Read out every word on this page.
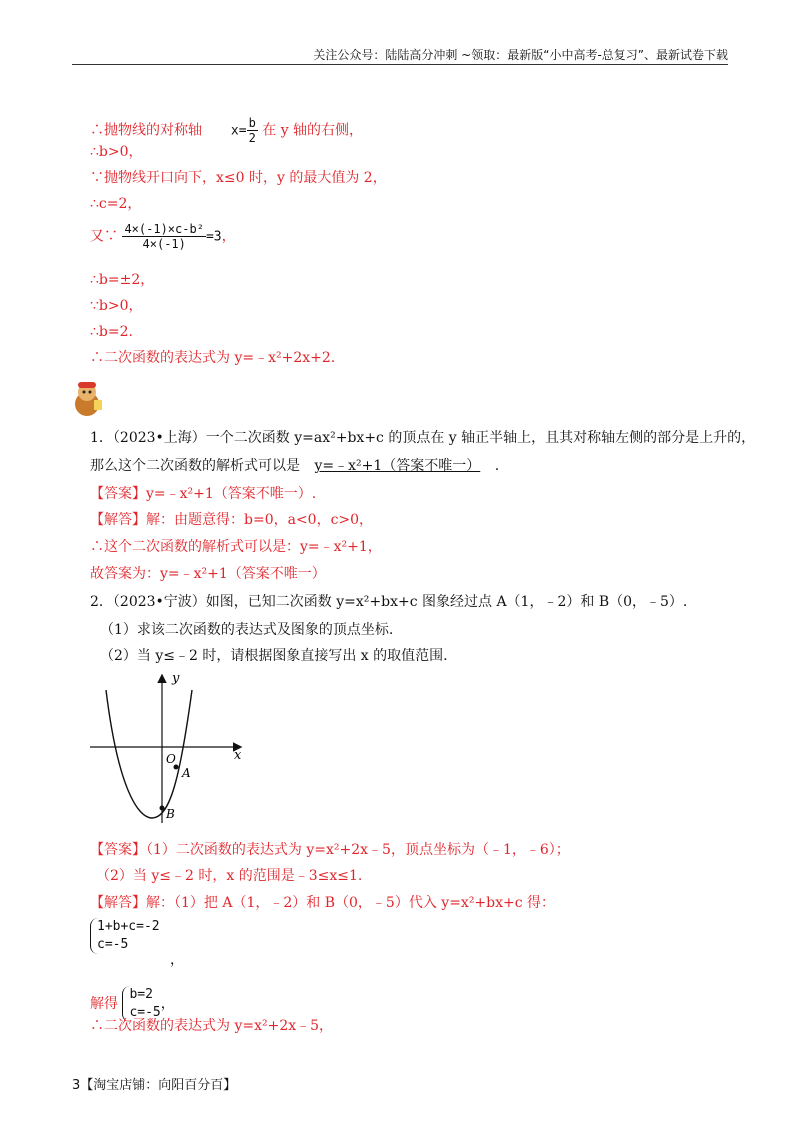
关注公众号：陆陆高分冲刺 ~领取：最新版“小中高考-总复习”、最新试卷下载
∴抛物线的对称轴 $x= \frac{b}{2}$ 在 y 轴的右侧，
∴b>0，
∵抛物线开口向下，x≤0 时，y 的最大值为 2，
∴c=2，
又∵ $\frac{\text{4×(-1)×c-b²}}{4\times(-1)} =3$，
∴b=±2，
∵b>0，
∴b=2.
∴二次函数的表达式为 y=﹣x²+2x+2.
1．（2023•上海）一个二次函数 y=ax²+bx+c 的顶点在 y 轴正半轴上，且其对称轴左侧的部分是上升的，
那么这个二次函数的解析式可以是 y=﹣x²+1（答案不唯一） .
【答案】y=﹣x²+1（答案不唯一）.
【解答】解：由题意得：b=0，a<0，c>0，
∴这个二次函数的解析式可以是：y=﹣x²+1，
故答案为：y=﹣x²+1（答案不唯一）
2．（2023•宁波）如图，已知二次函数 y=x²+bx+c 图象经过点 A（1，﹣2）和 B（0，﹣5）.
（1）求该二次函数的表达式及图象的顶点坐标.
（2）当 y≤﹣2 时，请根据图象直接写出 x 的取值范围.
y
x
O
A
B
【答案】（1）二次函数的表达式为 y=x²+2x﹣5，顶点坐标为（﹣1，﹣6）；
（2）当 y≤﹣2 时，x 的范围是﹣3≤x≤1.
【解答】解：（1）把 A（1，﹣2）和 B（0，﹣5）代入 y=x²+bx+c 得：
1+b+c=-2
c=-5
，
解得
b=2
c=-5
，
∴二次函数的表达式为 y=x²+2x﹣5，
3【淘宝店铺：向阳百分百】
